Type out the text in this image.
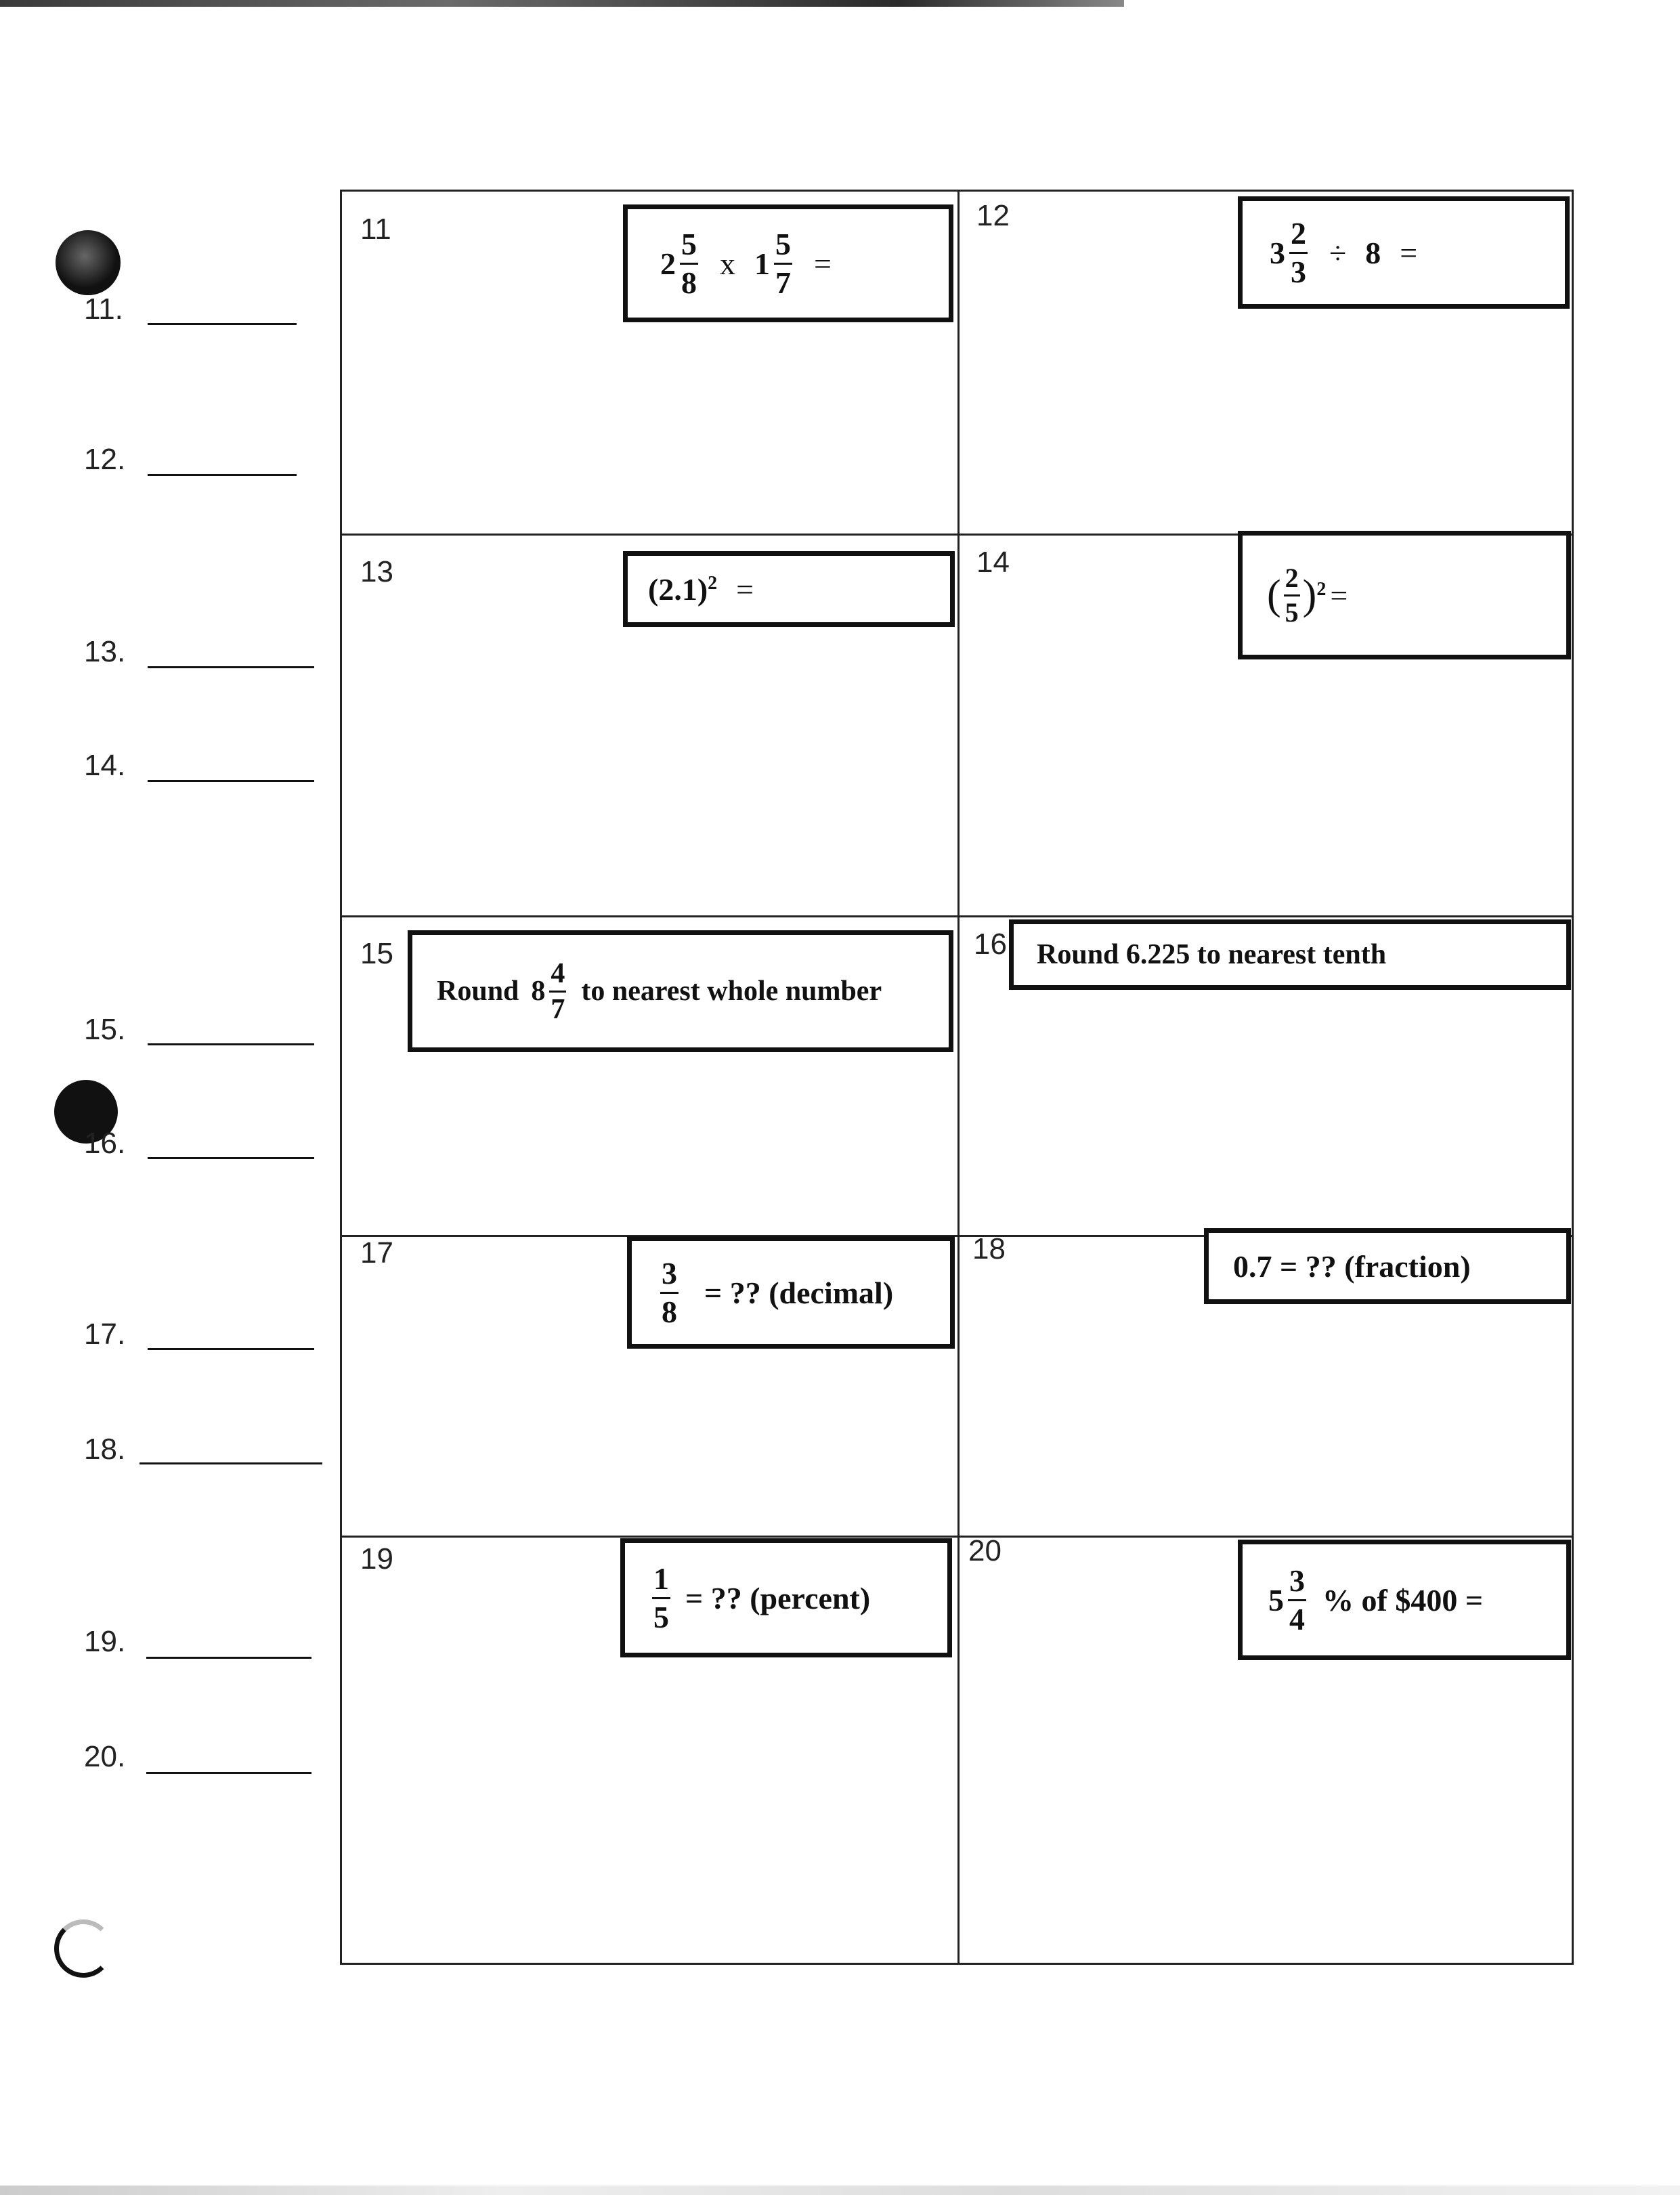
11.
12.
13.
14.
15.
16.
17.
18.
19.
20.
11
$2 \frac{5}{8}$ x $1 \frac{5}{7}$ =
12
$3 \frac{2}{3} \div 8$ =
13	$(2.1)^2$ =
14
( $\frac{2}{5} )^2$ =
15
Round $8 \frac{4}{7}$ to nearest whole number
16 Round 6.225 to nearest tenth
17
$\frac{3}{8}$ = ?? (decimal)
18	0.7 = ?? (fraction)
19
$\frac{1}{5}$ = ?? (percent)
20
$5 \frac{3}{4}$ % of $400 =
